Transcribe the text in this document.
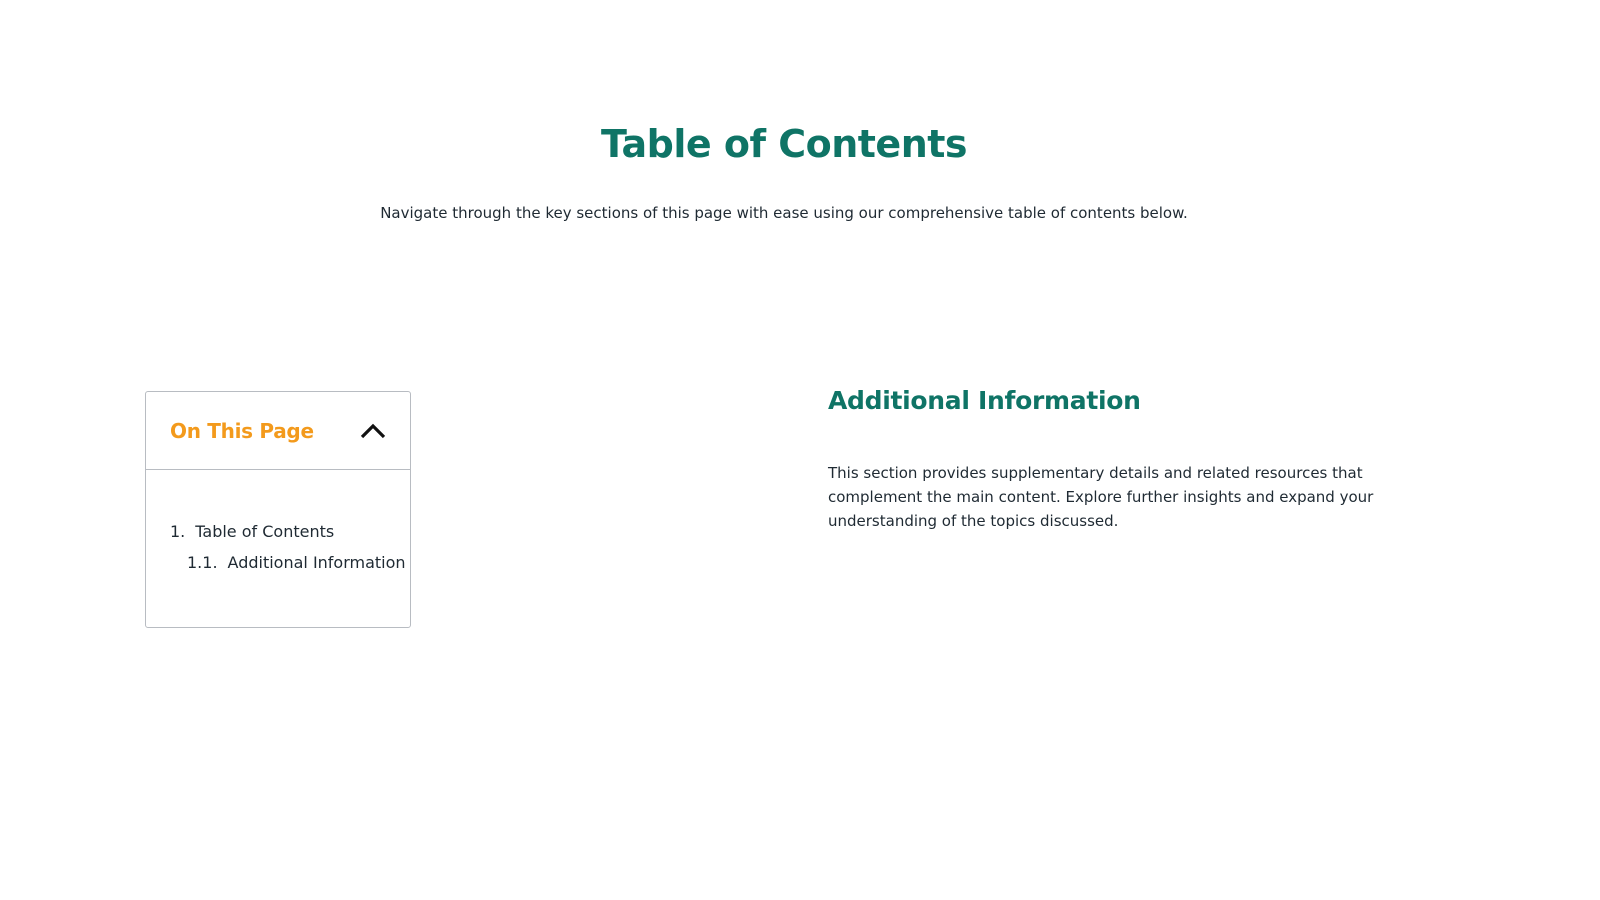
Table of Contents

Navigate through the key sections of this page with ease using our comprehensive table of contents below.

On This Page
1. Table of Contents
1.1. Additional Information
Additional Information

This section provides supplementary details and related resources that complement the main content. Explore further insights and expand your understanding of the topics discussed.
